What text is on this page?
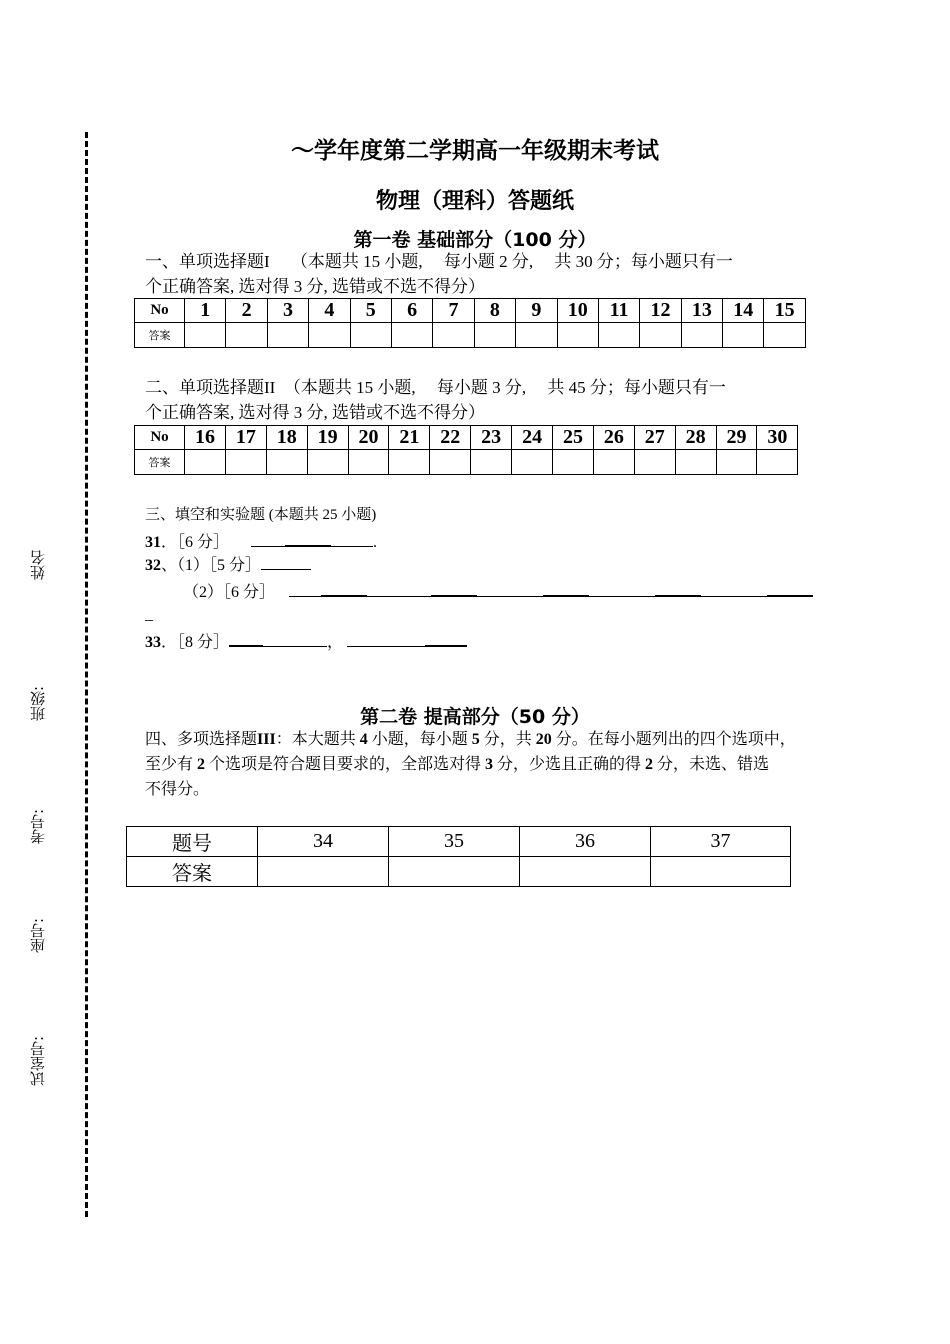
姓名
班级:
考号:
座号:
试室号:
～学年度第二学期高一年级期末考试
物理（理科）答题纸
第一卷 基础部分（100 分）
一、单项选择题I　 （本题共 15 小题,　 每小题 2 分,　 共 30 分；每小题只有一
个正确答案, 选对得 3 分, 选错或不选不得分）
No	1	2	3	4	5	6	7	8	9	10	11	12	13	14	15
答案															
二、单项选择题II　（本题共 15 小题,　 每小题 3 分,　 共 45 分；每小题只有一
个正确答案, 选对得 3 分, 选错或不选不得分）
No	16	17	18	19	20	21	22	23	24	25	26	27	28	29	30
答案															
三、填空和实验题 (本题共 25 小题)
31．［6 分］	.
32、（1）［5 分］
（2）［6 分］
_
33．［8 分］	，
第二卷 提高部分（50 分）
四、多项选择题III：本大题共 4 小题，每小题 5 分，共 20 分。在每小题列出的四个选项中，
至少有 2 个选项是符合题目要求的，全部选对得 3 分，少选且正确的得 2 分，未选、错选
不得分。
题号	34	35	36	37
答案				
